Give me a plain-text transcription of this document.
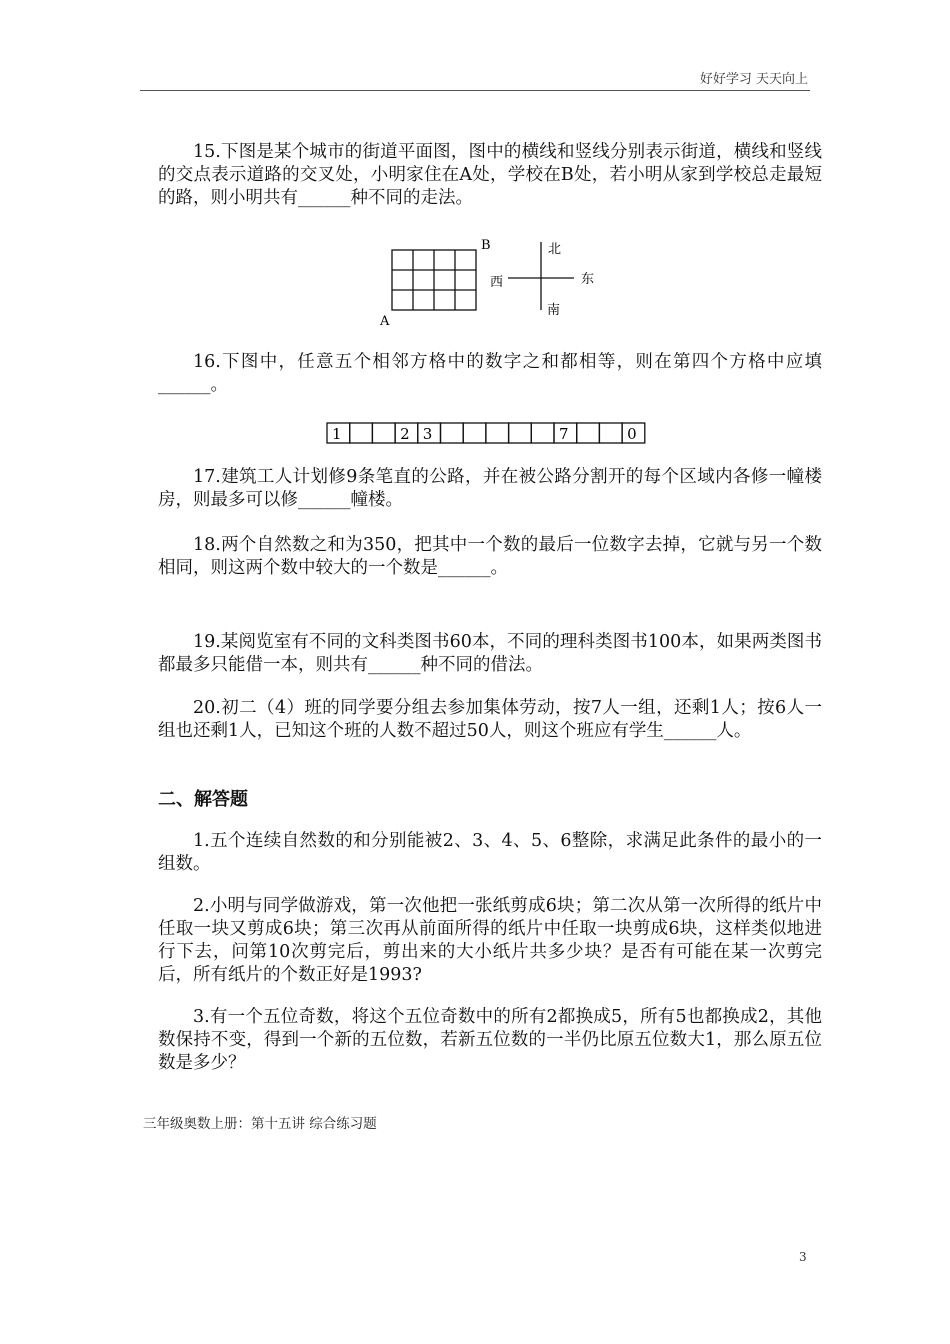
好好学习 天天向上
15.下图是某个城市的街道平面图，图中的横线和竖线分别表示街道，横线和竖线的交点表示道路的交叉处，小明家住在A处，学校在B处，若小明从家到学校总走最短的路，则小明共有______种不同的走法。
A
B	北
南
东
西
16.下图中，任意五个相邻方格中的数字之和都相等，则在第四个方格中应填______。
1	2 3	7	0
17.建筑工人计划修9条笔直的公路，并在被公路分割开的每个区域内各修一幢楼房，则最多可以修______幢楼。
18.两个自然数之和为350，把其中一个数的最后一位数字去掉，它就与另一个数相同，则这两个数中较大的一个数是______。
19.某阅览室有不同的文科类图书60本，不同的理科类图书100本，如果两类图书都最多只能借一本，则共有______种不同的借法。
20.初二（4）班的同学要分组去参加集体劳动，按7人一组，还剩1人；按6人一组也还剩1人，已知这个班的人数不超过50人，则这个班应有学生______人。
二、解答题
1.五个连续自然数的和分别能被2、3、4、5、6整除，求满足此条件的最小的一组数。
2.小明与同学做游戏，第一次他把一张纸剪成6块；第二次从第一次所得的纸片中任取一块又剪成6块；第三次再从前面所得的纸片中任取一块剪成6块，这样类似地进行下去，问第10次剪完后，剪出来的大小纸片共多少块？是否有可能在某一次剪完后，所有纸片的个数正好是1993?
3.有一个五位奇数，将这个五位奇数中的所有2都换成5，所有5也都换成2，其他数保持不变，得到一个新的五位数，若新五位数的一半仍比原五位数大1，那么原五位数是多少？
三年级奥数上册：第十五讲 综合练习题
3
